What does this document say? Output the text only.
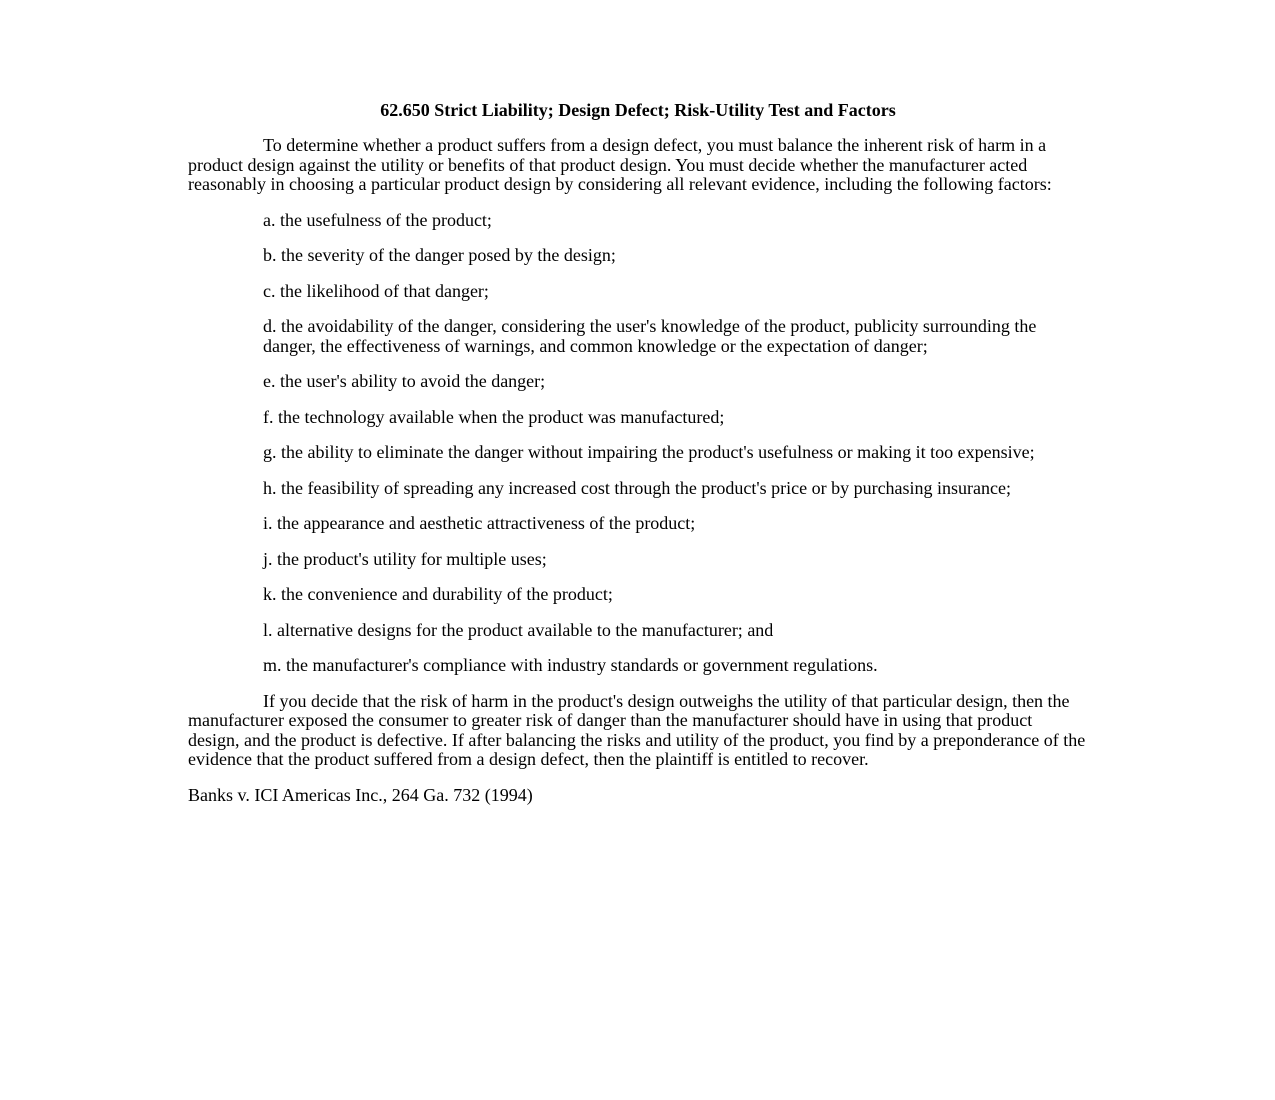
62.650 Strict Liability; Design Defect; Risk-Utility Test and Factors

To determine whether a product suffers from a design defect, you must balance the inherent risk of harm in a product design against the utility or benefits of that product design. You must decide whether the manufacturer acted reasonably in choosing a particular product design by considering all relevant evidence, including the following factors:

a. the usefulness of the product;
b. the severity of the danger posed by the design;
c. the likelihood of that danger;
d. the avoidability of the danger, considering the user's knowledge of the product, publicity surrounding the danger, the effectiveness of warnings, and common knowledge or the expectation of danger;
e. the user's ability to avoid the danger;
f. the technology available when the product was manufactured;
g. the ability to eliminate the danger without impairing the product's usefulness or making it too expensive;
h. the feasibility of spreading any increased cost through the product's price or by purchasing insurance;
i. the appearance and aesthetic attractiveness of the product;
j. the product's utility for multiple uses;
k. the convenience and durability of the product;
l. alternative designs for the product available to the manufacturer; and
m. the manufacturer's compliance with industry standards or government regulations.

If you decide that the risk of harm in the product's design outweighs the utility of that particular design, then the manufacturer exposed the consumer to greater risk of danger than the manufacturer should have in using that product design, and the product is defective. If after balancing the risks and utility of the product, you find by a preponderance of the evidence that the product suffered from a design defect, then the plaintiff is entitled to recover.

Banks v. ICI Americas Inc., 264 Ga. 732 (1994)
